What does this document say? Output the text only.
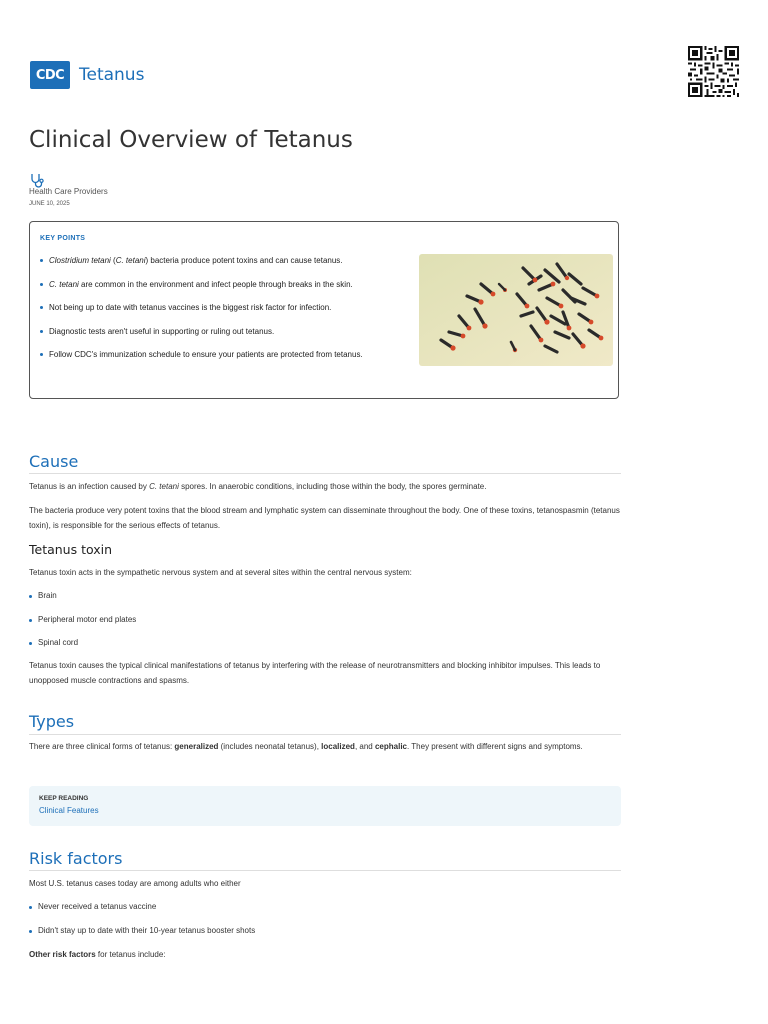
CDC Tetanus
Clinical Overview of Tetanus
Health Care Providers
JUNE 10, 2025
KEY POINTS
Clostridium tetani (C. tetani) bacteria produce potent toxins and can cause tetanus.
C. tetani are common in the environment and infect people through breaks in the skin.
Not being up to date with tetanus vaccines is the biggest risk factor for infection.
Diagnostic tests aren't useful in supporting or ruling out tetanus.
Follow CDC's immunization schedule to ensure your patients are protected from tetanus.
Cause

Tetanus is an infection caused by C. tetani spores. In anaerobic conditions, including those within the body, the spores germinate.

The bacteria produce very potent toxins that the blood stream and lymphatic system can disseminate throughout the body. One of these toxins, tetanospasmin (tetanus toxin), is responsible for the serious effects of tetanus.

Tetanus toxin

Tetanus toxin acts in the sympathetic nervous system and at several sites within the central nervous system:

Brain
Peripheral motor end plates
Spinal cord

Tetanus toxin causes the typical clinical manifestations of tetanus by interfering with the release of neurotransmitters and blocking inhibitor impulses. This leads to unopposed muscle contractions and spasms.

Types

There are three clinical forms of tetanus: generalized (includes neonatal tetanus), localized, and cephalic. They present with different signs and symptoms.

KEEP READING
Clinical Features
Risk factors

Most U.S. tetanus cases today are among adults who either

Never received a tetanus vaccine
Didn't stay up to date with their 10-year tetanus booster shots

Other risk factors for tetanus include:
